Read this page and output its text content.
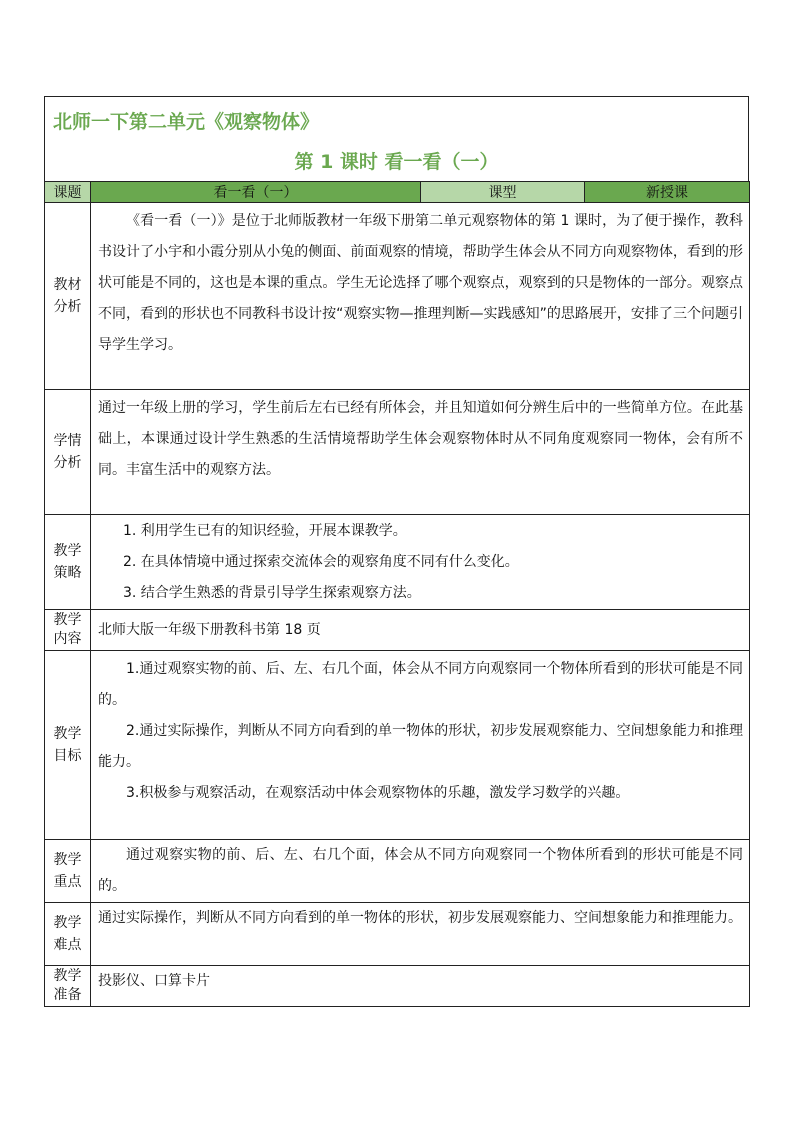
北师一下第二单元《观察物体》
第 1 课时 看一看（一）
课题	看一看（一）	课型	新授课
教材分析	《看一看（一）》是位于北师版教材一年级下册第二单元观察物体的第 1 课时，为了便于操作，教科书设计了小宇和小霞分别从小兔的侧面、前面观察的情境，帮助学生体会从不同方向观察物体，看到的形状可能是不同的，这也是本课的重点。学生无论选择了哪个观察点，观察到的只是物体的一部分。观察点不同，看到的形状也不同教科书设计按“观察实物—推理判断—实践感知”的思路展开，安排了三个问题引导学生学习。		

学情分析	通过一年级上册的学习，学生前后左右已经有所体会，并且知道如何分辨生后中的一些简单方位。在此基础上，本课通过设计学生熟悉的生活情境帮助学生体会观察物体时从不同角度观察同一物体，会有所不同。丰富生活中的观察方法。		

教学策略	1. 利用学生已有的知识经验，开展本课教学。
2. 在具体情境中通过探索交流体会的观察角度不同有什么变化。
3. 结合学生熟悉的背景引导学生探索观察方法。		

教学内容	北师大版一年级下册教科书第 18 页		

教学目标	1.通过观察实物的前、后、左、右几个面，体会从不同方向观察同一个物体所看到的形状可能是不同的。
2.通过实际操作，判断从不同方向看到的单一物体的形状，初步发展观察能力、空间想象能力和推理能力。
3.积极参与观察活动，在观察活动中体会观察物体的乐趣，激发学习数学的兴趣。		

教学重点	通过观察实物的前、后、左、右几个面，体会从不同方向观察同一个物体所看到的形状可能是不同的。		

教学难点	通过实际操作，判断从不同方向看到的单一物体的形状，初步发展观察能力、空间想象能力和推理能力。		

教学准备	投影仪、口算卡片		
